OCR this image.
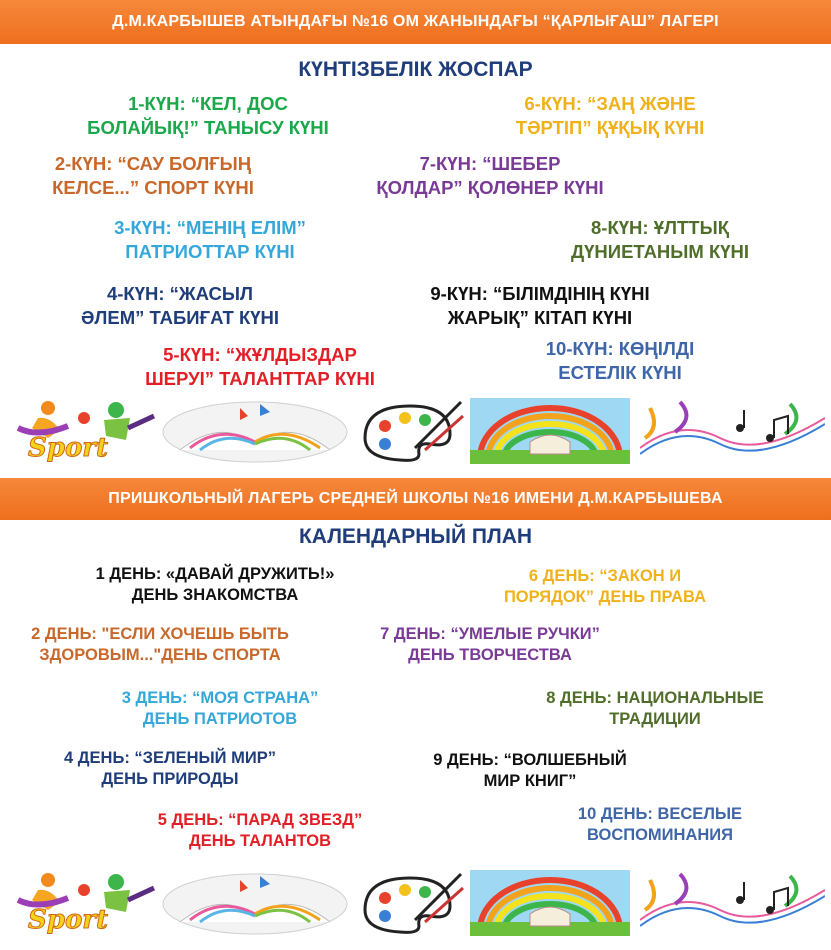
Д.М.КАРБЫШЕВ АТЫНДАҒЫ №16 ОМ ЖАНЫНДАҒЫ “ҚАРЛЫҒАШ” ЛАГЕРІ
КҮНТІЗБЕЛІК ЖОСПАР
1-КҮН: “КЕЛ, ДОС
БОЛАЙЫҚ!” ТАНЫСУ КҮНІ
2-КҮН: “САУ БОЛҒЫҢ
КЕЛСЕ...” СПОРТ КҮНІ
3-КҮН: “МЕНІҢ ЕЛІМ”
ПАТРИОТТАР КҮНІ
4-КҮН: “ЖАСЫЛ
ӘЛЕМ” ТАБИҒАТ КҮНІ
5-КҮН: “ЖҰЛДЫЗДАР
ШЕРУІ” ТАЛАНТТАР КҮНІ
6-КҮН: “ЗАҢ ЖӘНЕ
ТӘРТІП” ҚҰҚЫҚ КҮНІ
7-КҮН: “ШЕБЕР
ҚОЛДАР” ҚОЛӨНЕР КҮНІ
8-КҮН: ҰЛТТЫҚ
ДҮНИЕТАНЫМ КҮНІ
9-КҮН: “БІЛІМДІНІҢ КҮНІ
ЖАРЫҚ” КІТАП КҮНІ
10-КҮН: КӨҢІЛДІ
ЕСТЕЛІК КҮНІ
Sport
ПРИШКОЛЬНЫЙ ЛАГЕРЬ СРЕДНЕЙ ШКОЛЫ №16 ИМЕНИ Д.М.КАРБЫШЕВА
КАЛЕНДАРНЫЙ ПЛАН
1 ДЕНЬ: «ДАВАЙ ДРУЖИТЬ!»
ДЕНЬ ЗНАКОМСТВА
2 ДЕНЬ: "ЕСЛИ ХОЧЕШЬ БЫТЬ
ЗДОРОВЫМ..."ДЕНЬ СПОРТА
3 ДЕНЬ: “МОЯ СТРАНА”
ДЕНЬ ПАТРИОТОВ
4 ДЕНЬ: “ЗЕЛЕНЫЙ МИР”
ДЕНЬ ПРИРОДЫ
5 ДЕНЬ: “ПАРАД ЗВЕЗД”
ДЕНЬ ТАЛАНТОВ
6 ДЕНЬ: “ЗАКОН И
ПОРЯДОК” ДЕНЬ ПРАВА
7 ДЕНЬ: “УМЕЛЫЕ РУЧКИ”
ДЕНЬ ТВОРЧЕСТВА
8 ДЕНЬ: НАЦИОНАЛЬНЫЕ
ТРАДИЦИИ
9 ДЕНЬ: “ВОЛШЕБНЫЙ
МИР КНИГ”
10 ДЕНЬ: ВЕСЕЛЫЕ
ВОСПОМИНАНИЯ
Sport
